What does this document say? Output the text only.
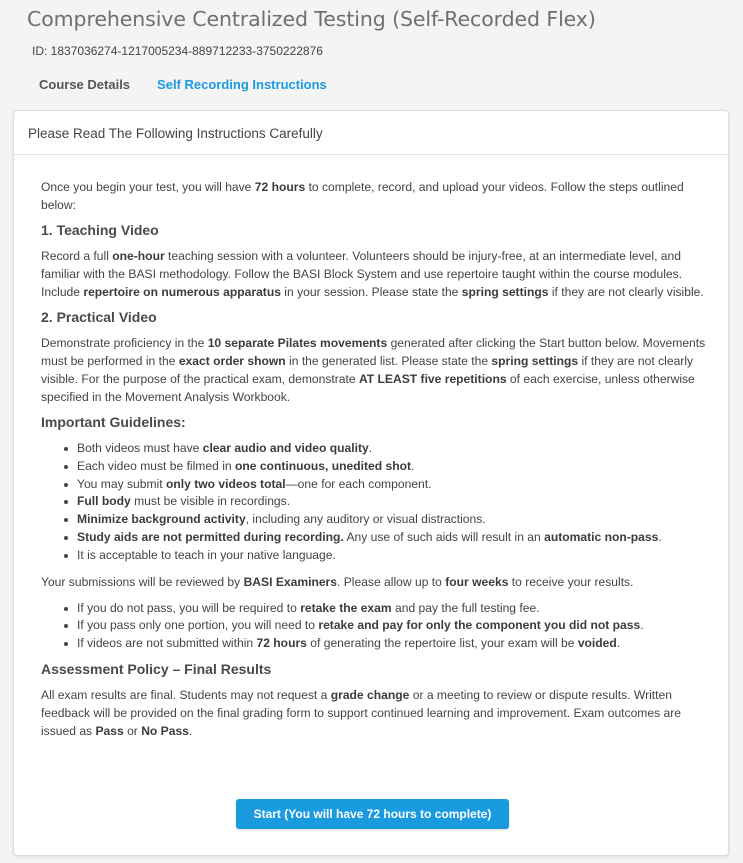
Comprehensive Centralized Testing (Self-Recorded Flex)
ID: 1837036274-1217005234-889712233-3750222876
Course Details Self Recording Instructions
Please Read The Following Instructions Carefully

Once you begin your test, you will have 72 hours to complete, record, and upload your videos. Follow the steps outlined below:

1. Teaching Video

Record a full one-hour teaching session with a volunteer. Volunteers should be injury-free, at an intermediate level, and familiar with the BASI methodology. Follow the BASI Block System and use repertoire taught within the course modules. Include repertoire on numerous apparatus in your session. Please state the spring settings if they are not clearly visible.

2. Practical Video

Demonstrate proficiency in the 10 separate Pilates movements generated after clicking the Start button below. Movements must be performed in the exact order shown in the generated list. Please state the spring settings if they are not clearly visible. For the purpose of the practical exam, demonstrate AT LEAST five repetitions of each exercise, unless otherwise specified in the Movement Analysis Workbook.

Important Guidelines:
Both videos must have clear audio and video quality.
Each video must be filmed in one continuous, unedited shot.
You may submit only two videos total—one for each component.
Full body must be visible in recordings.
Minimize background activity, including any auditory or visual distractions.
Study aids are not permitted during recording. Any use of such aids will result in an automatic non-pass.
It is acceptable to teach in your native language.

Your submissions will be reviewed by BASI Examiners. Please allow up to four weeks to receive your results.

If you do not pass, you will be required to retake the exam and pay the full testing fee.
If you pass only one portion, you will need to retake and pay for only the component you did not pass.
If videos are not submitted within 72 hours of generating the repertoire list, your exam will be voided.
Assessment Policy – Final Results

All exam results are final. Students may not request a grade change or a meeting to review or dispute results. Written feedback will be provided on the final grading form to support continued learning and improvement. Exam outcomes are issued as Pass or No Pass.

Start (You will have 72 hours to complete)
